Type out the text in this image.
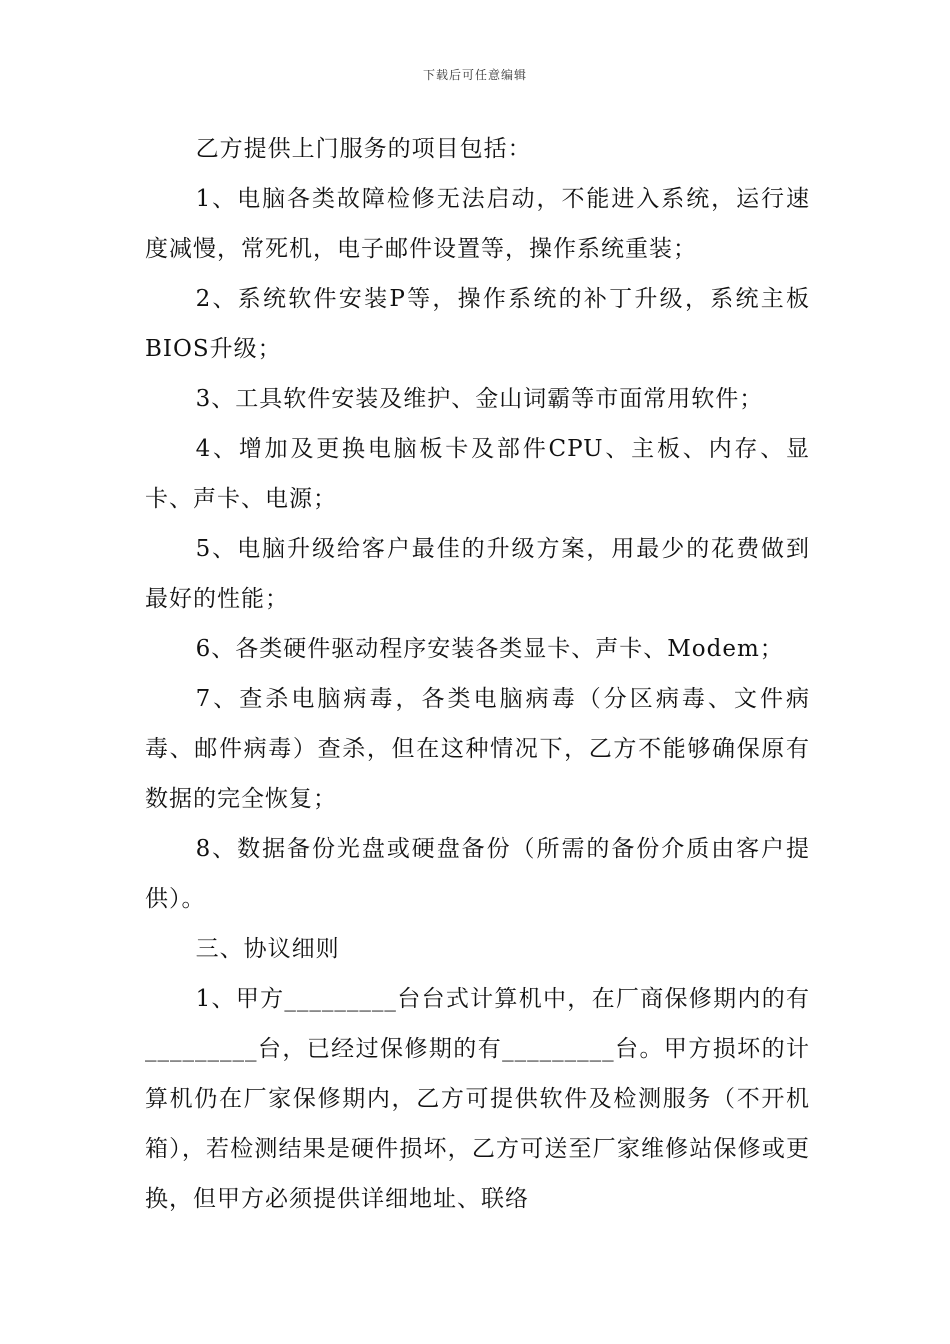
下载后可任意编辑

乙方提供上门服务的项目包括：

1、电脑各类故障检修无法启动，不能进入系统，运行速度减慢，常死机，电子邮件设置等，操作系统重装；

2、系统软件安装P等，操作系统的补丁升级，系统主板BIOS升级；

3、工具软件安装及维护、金山词霸等市面常用软件；

4、增加及更换电脑板卡及部件CPU、主板、内存、显卡、声卡、电源；

5、电脑升级给客户最佳的升级方案，用最少的花费做到最好的性能；

6、各类硬件驱动程序安装各类显卡、声卡、Modem；

7、查杀电脑病毒，各类电脑病毒（分区病毒、文件病毒、邮件病毒）查杀，但在这种情况下，乙方不能够确保原有数据的完全恢复；

8、数据备份光盘或硬盘备份（所需的备份介质由客户提供）。

三、协议细则

1、甲方_________台台式计算机中，在厂商保修期内的有_________台，已经过保修期的有_________台。甲方损坏的计算机仍在厂家保修期内，乙方可提供软件及检测服务（不开机箱），若检测结果是硬件损坏，乙方可送至厂家维修站保修或更换，但甲方必须提供详细地址、联络
